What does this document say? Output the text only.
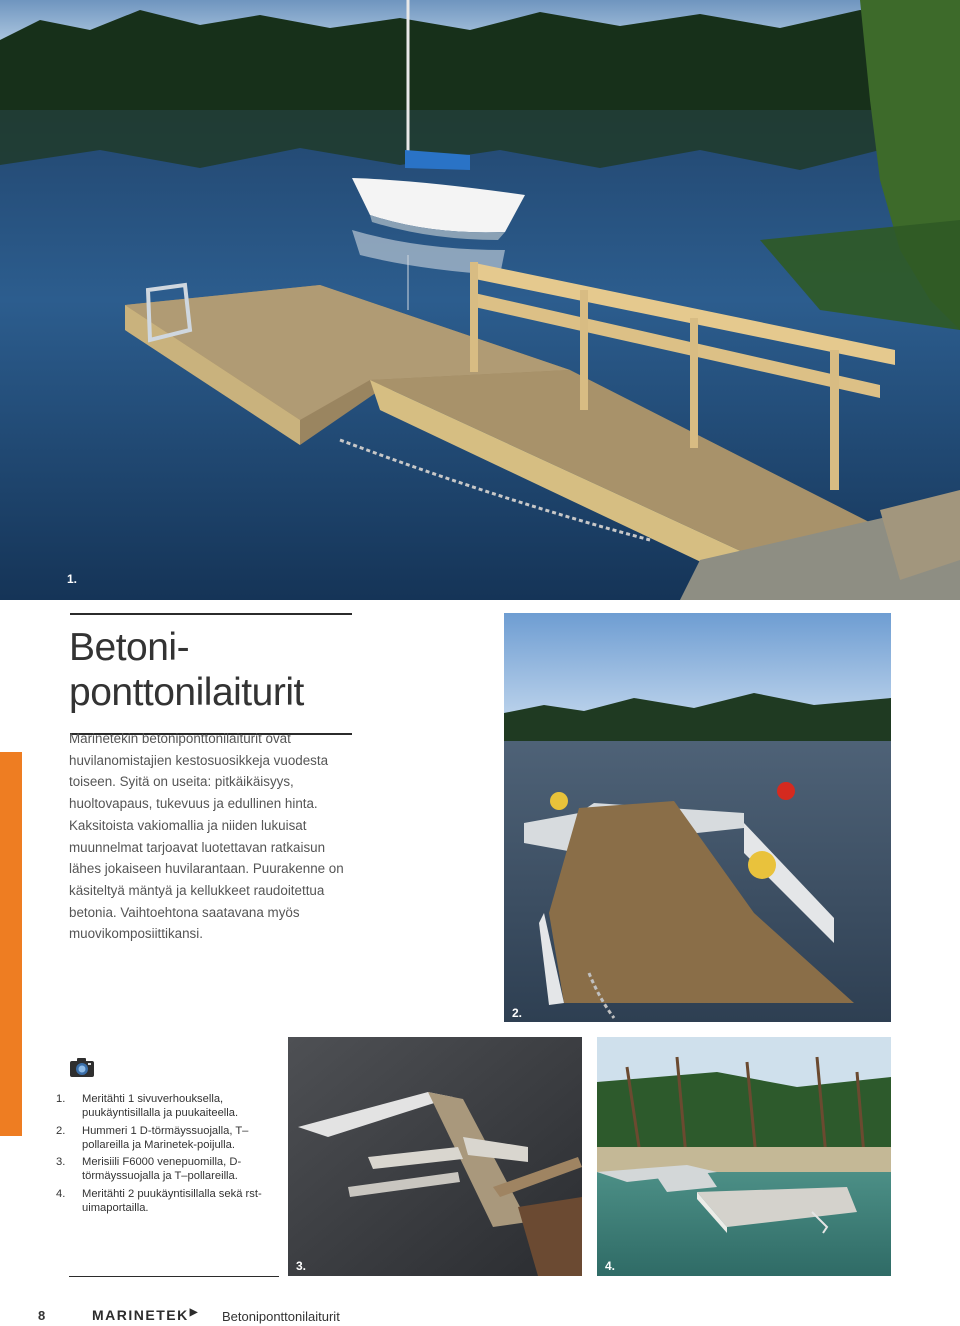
1.
Betoni-
ponttonilaiturit

Marinetekin betoniponttonilaiturit ovat huvilanomistajien kestosuosikkeja vuodesta toiseen. Syitä on useita: pitkäikäisyys, huoltovapaus, tukevuus ja edullinen hinta. Kaksitoista vakiomallia ja niiden lukuisat muunnelmat tarjoavat luotettavan ratkaisun lähes jokaiseen huvilarantaan. Puurakenne on käsiteltyä mäntyä ja kellukkeet raudoitettua betonia. Vaihtoehtona saatavana myös muovikomposiittikansi.

2.
1. Meritähti 1 sivuverhouksella, puukäyntisillalla ja puukaiteella.
2. Hummeri 1 D-törmäyssuojalla, T–pollareilla ja Marinetek-poijulla.
3. Merisiili F6000 venepuomilla, D-törmäyssuojalla ja T–pollareilla.
4. Meritähti 2 puukäyntisillalla sekä rst-uimaportailla.
3.	4.
8	MARINETEK▶ Betoniponttonilaiturit
